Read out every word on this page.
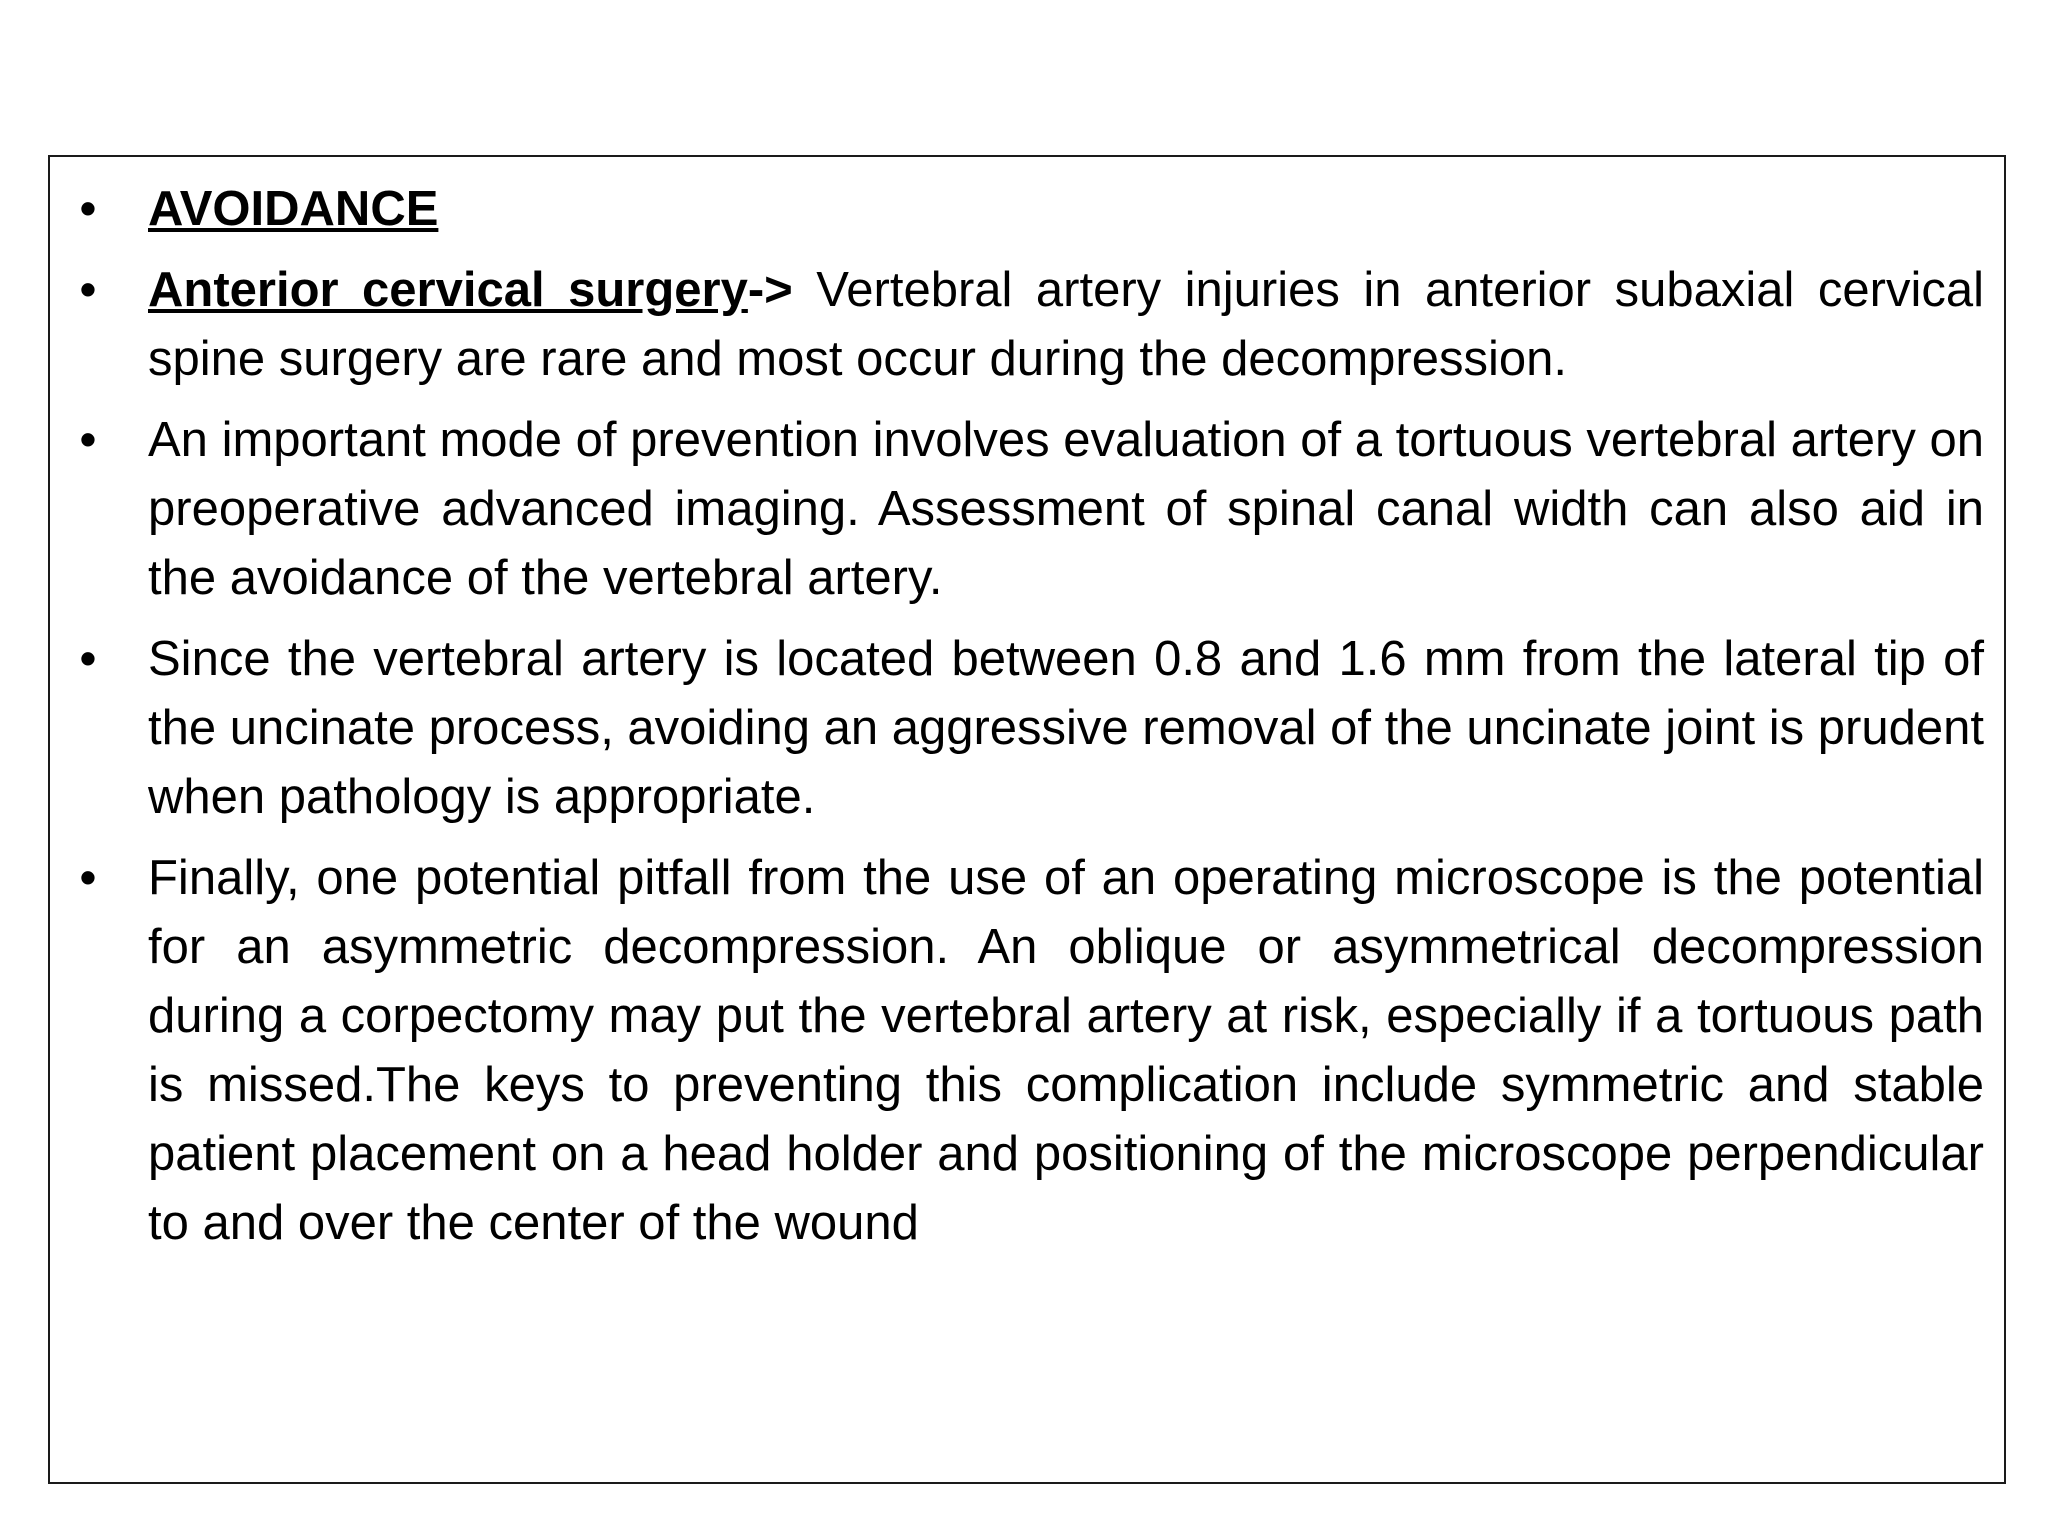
• AVOIDANCE
• Anterior cervical surgery-> Vertebral artery injuries in anterior subaxial cervical spine surgery are rare and most occur during the decompression.
• An important mode of prevention involves evaluation of a tortuous vertebral artery on preoperative advanced imaging. Assessment of spinal canal width can also aid in the avoidance of the vertebral artery.
• Since the vertebral artery is located between 0.8 and 1.6 mm from the lateral tip of the uncinate process, avoiding an aggressive removal of the uncinate joint is prudent when pathology is appropriate.
• Finally, one potential pitfall from the use of an operating microscope is the potential for an asymmetric decompression. An oblique or asymmetrical decompression during a corpectomy may put the vertebral artery at risk, especially if a tortuous path is missed.The keys to preventing this complication include symmetric and stable patient placement on a head holder and positioning of the microscope perpendicular to and over the center of the wound
